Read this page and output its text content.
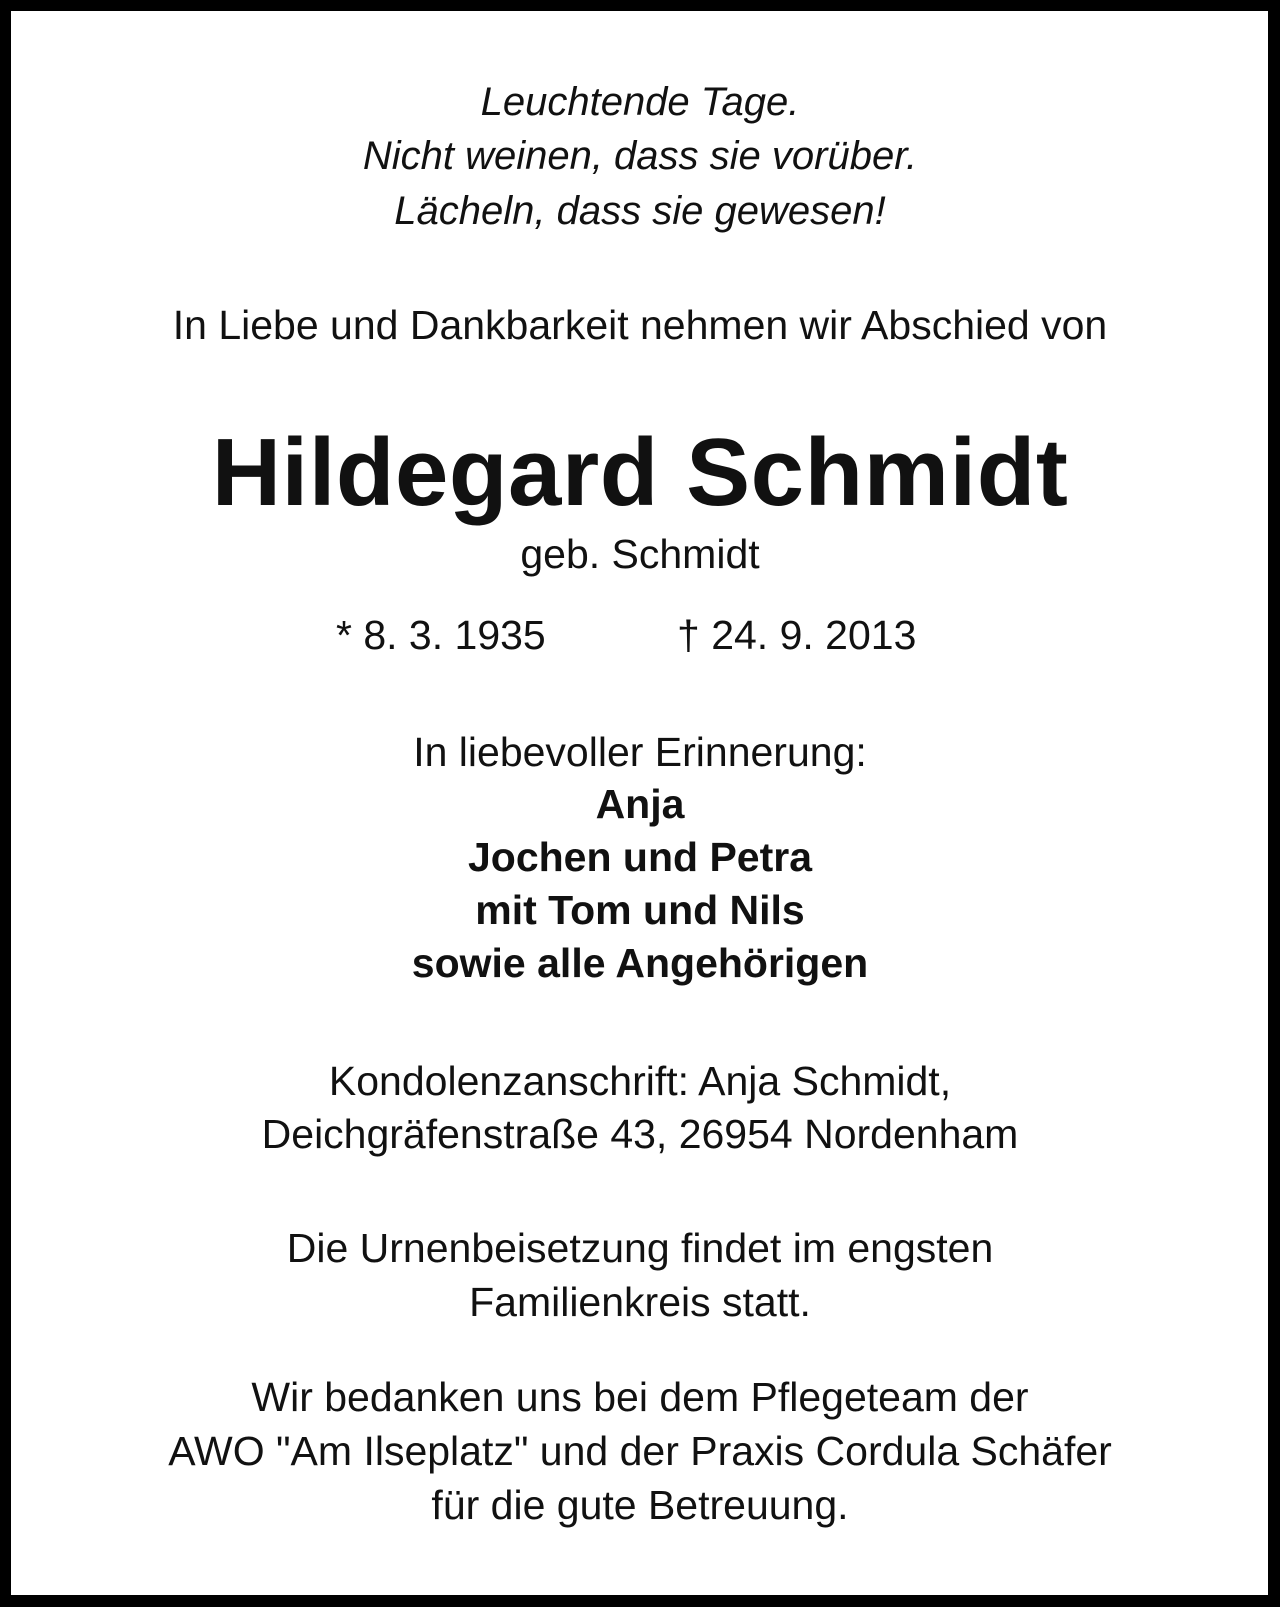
Leuchtende Tage.
Nicht weinen, dass sie vorüber.
Lächeln, dass sie gewesen!
In Liebe und Dankbarkeit nehmen wir Abschied von
Hildegard Schmidt
geb. Schmidt
* 8. 3. 1935	† 24. 9. 2013
In liebevoller Erinnerung:
Anja
Jochen und Petra
mit Tom und Nils
sowie alle Angehörigen
Kondolenzanschrift: Anja Schmidt,
Deichgräfenstraße 43, 26954 Nordenham
Die Urnenbeisetzung findet im engsten
Familienkreis statt.
Wir bedanken uns bei dem Pflegeteam der
AWO "Am Ilseplatz" und der Praxis Cordula Schäfer
für die gute Betreuung.
